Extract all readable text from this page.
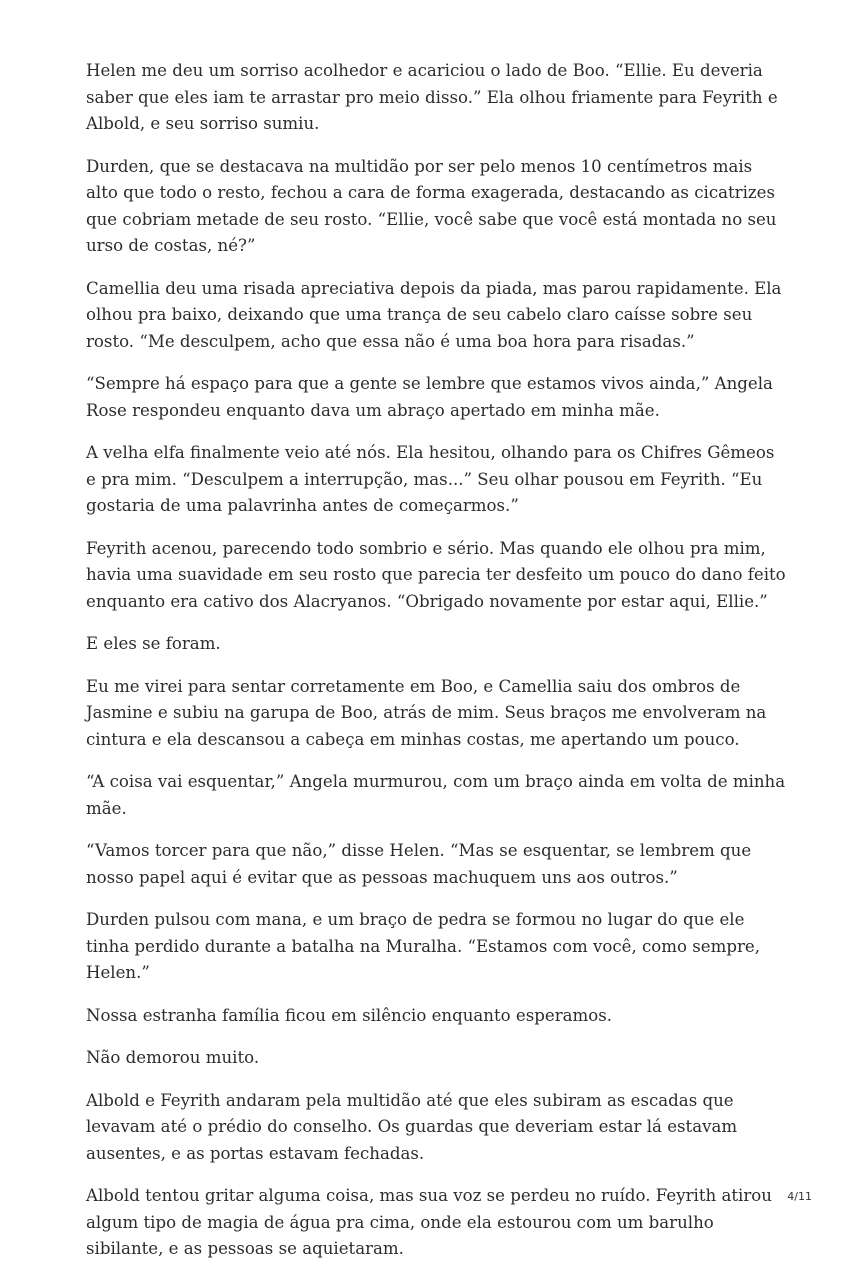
Helen me deu um sorriso acolhedor e acariciou o lado de Boo. “Ellie. Eu deveria saber que eles iam te arrastar pro meio disso.” Ela olhou friamente para Feyrith e Albold, e seu sorriso sumiu.

Durden, que se destacava na multidão por ser pelo menos 10 centímetros mais alto que todo o resto, fechou a cara de forma exagerada, destacando as cicatrizes que cobriam metade de seu rosto. “Ellie, você sabe que você está montada no seu urso de costas, né?”

Camellia deu uma risada apreciativa depois da piada, mas parou rapidamente. Ela olhou pra baixo, deixando que uma trança de seu cabelo claro caísse sobre seu rosto. “Me desculpem, acho que essa não é uma boa hora para risadas.”

“Sempre há espaço para que a gente se lembre que estamos vivos ainda,” Angela Rose respondeu enquanto dava um abraço apertado em minha mãe.

A velha elfa finalmente veio até nós. Ela hesitou, olhando para os Chifres Gêmeos e pra mim. “Desculpem a interrupção, mas...” Seu olhar pousou em Feyrith. “Eu gostaria de uma palavrinha antes de começarmos.”

Feyrith acenou, parecendo todo sombrio e sério. Mas quando ele olhou pra mim, havia uma suavidade em seu rosto que parecia ter desfeito um pouco do dano feito enquanto era cativo dos Alacryanos. “Obrigado novamente por estar aqui, Ellie.”

E eles se foram.

Eu me virei para sentar corretamente em Boo, e Camellia saiu dos ombros de Jasmine e subiu na garupa de Boo, atrás de mim. Seus braços me envolveram na cintura e ela descansou a cabeça em minhas costas, me apertando um pouco.

“A coisa vai esquentar,” Angela murmurou, com um braço ainda em volta de minha mãe.

“Vamos torcer para que não,” disse Helen. “Mas se esquentar, se lembrem que nosso papel aqui é evitar que as pessoas machuquem uns aos outros.”

Durden pulsou com mana, e um braço de pedra se formou no lugar do que ele tinha perdido durante a batalha na Muralha. “Estamos com você, como sempre, Helen.”

Nossa estranha família ficou em silêncio enquanto esperamos.

Não demorou muito.

Albold e Feyrith andaram pela multidão até que eles subiram as escadas que levavam até o prédio do conselho. Os guardas que deveriam estar lá estavam ausentes, e as portas estavam fechadas.

Albold tentou gritar alguma coisa, mas sua voz se perdeu no ruído. Feyrith atirou algum tipo de magia de água pra cima, onde ela estourou com um barulho sibilante, e as pessoas se aquietaram.

4/11
